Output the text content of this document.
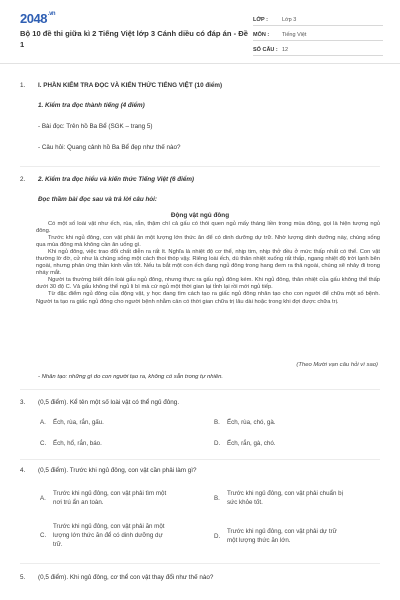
$2048^{.vn}$
Bộ 10 đề thi giữa kì 2 Tiếng Việt lớp 3 Cánh diều có đáp án - Đề 1
LỚP :	Lớp 3
MÔN :	Tiếng Việt
SỐ CÂU : 12
1. I. PHẦN KIỂM TRA ĐỌC VÀ KIẾN THỨC TIẾNG VIỆT (10 điểm)
1. Kiểm tra đọc thành tiếng (4 điểm)
- Bài đọc: Trên hồ Ba Bể (SGK – trang 5)
- Câu hỏi: Quang cảnh hồ Ba Bể đẹp như thế nào?
2. 2. Kiểm tra đọc hiểu và kiến thức Tiếng Việt (6 điểm)
Đọc thầm bài đọc sau và trả lời câu hỏi:
Động vật ngủ đông

Có một số loài vật như ếch, rùa, rắn, thậm chí cả gấu có thói quen ngủ mấy tháng liền trong mùa đông, gọi là hiện tượng ngủ đông.

Trước khi ngủ đông, con vật phải ăn một lượng lớn thức ăn để có dinh dưỡng dự trữ. Nhờ lượng dinh dưỡng này, chúng sống qua mùa đông mà không cần ăn uống gì.

Khi ngủ đông, việc trao đổi chất diễn ra rất ít. Nghĩa là nhiệt độ cơ thể, nhịp tim, nhịp thở đều ở mức thấp nhất có thể. Con vật thường lờ đờ, cử như là chúng sống một cách thoi thóp vậy. Riêng loài ếch, dù thân nhiệt xuống rất thấp, ngang nhiệt độ trời lạnh bên ngoài, nhưng phản ứng thần kinh vẫn tốt. Nếu ta bắt một con ếch đang ngủ đông trong hang đem ra thả ngoài, chúng sẽ nhảy đi trong nháy mắt.

Người ta thường biết đến loài gấu ngủ đông, nhưng thực ra gấu ngủ đông kém. Khi ngủ đông, thân nhiệt của gấu không thể thấp dưới 30 độ C. Vả gấu không thể ngủ li bì mà cứ ngủ một thời gian lại tỉnh lại rồi mới ngủ tiếp.

Từ đặc điểm ngủ đông của động vật, y học đang tìm cách tạo ra giấc ngủ đông nhân tạo cho con người để chữa một số bệnh. Người ta tạo ra giấc ngủ đông cho người bệnh nhằm cản có thời gian chữa trị lâu dài hoặc trong khi đợi được chữa trị.

(Theo Mười vạn câu hỏi vì sao)
- Nhân tạo: những gì do con người tạo ra, không có sẵn trong tự nhiên.
3. (0,5 điểm). Kể tên một số loài vật có thể ngủ đông.
A.	Ếch, rùa, rắn, gấu.	B.	Ếch, rùa, chó, gà.
C.	Ếch, hổ, rắn, báo.	D.	Ếch, rắn, gà, chó.
4. (0,5 điểm). Trước khi ngủ đông, con vật cần phải làm gì?
A.
Trước khi ngủ đông, con vật phải tìm một
nơi trú ẩn an toàn.
B.
Trước khi ngủ đông, con vật phải chuẩn bị
sức khỏe tốt.
C.
Trước khi ngủ đông, con vật phải ăn một
lượng lớn thức ăn để có dinh dưỡng dự
trữ.
D.
Trước khi ngủ đông, con vật phải dự trữ
một lượng thức ăn lớn.
5. (0,5 điểm). Khi ngủ đông, cơ thể con vật thay đổi như thế nào?
